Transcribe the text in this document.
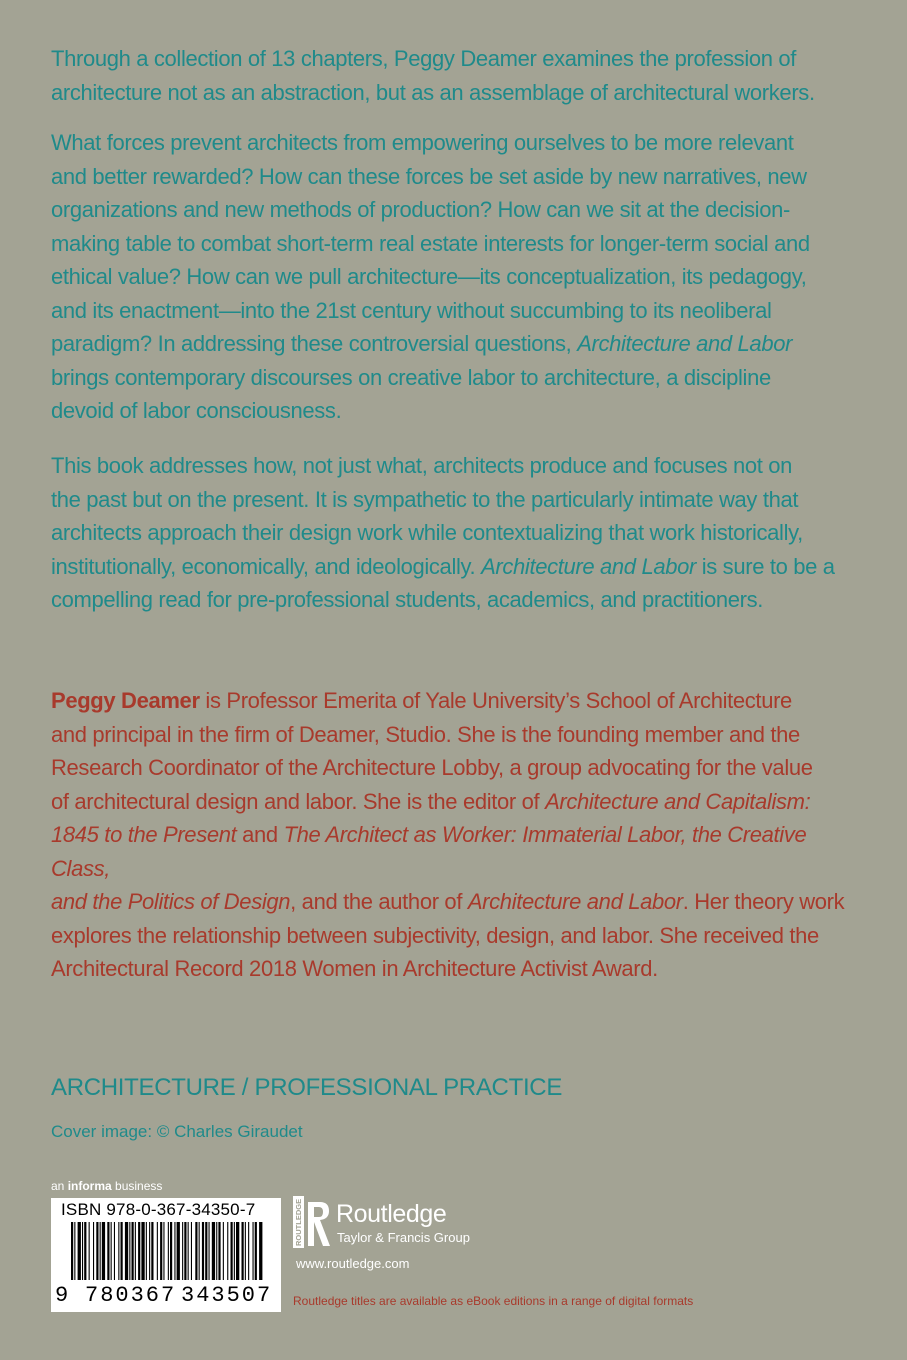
Through a collection of 13 chapters, Peggy Deamer examines the profession of
architecture not as an abstraction, but as an assemblage of architectural workers.

What forces prevent architects from empowering ourselves to be more relevant
and better rewarded? How can these forces be set aside by new narratives, new
organizations and new methods of production? How can we sit at the decision-
making table to combat short-term real estate interests for longer-term social and
ethical value? How can we pull architecture—its conceptualization, its pedagogy,
and its enactment—into the 21st century without succumbing to its neoliberal
paradigm? In addressing these controversial questions, Architecture and Labor
brings contemporary discourses on creative labor to architecture, a discipline
devoid of labor consciousness.

This book addresses how, not just what, architects produce and focuses not on
the past but on the present. It is sympathetic to the particularly intimate way that
architects approach their design work while contextualizing that work historically,
institutionally, economically, and ideologically. Architecture and Labor is sure to be a
compelling read for pre-professional students, academics, and practitioners.

Peggy Deamer is Professor Emerita of Yale University’s School of Architecture
and principal in the firm of Deamer, Studio. She is the founding member and the
Research Coordinator of the Architecture Lobby, a group advocating for the value
of architectural design and labor. She is the editor of Architecture and Capitalism:
1845 to the Present and The Architect as Worker: Immaterial Labor, the Creative Class,
and the Politics of Design, and the author of Architecture and Labor. Her theory work
explores the relationship between subjectivity, design, and labor. She received the
Architectural Record 2018 Women in Architecture Activist Award.

ARCHITECTURE / PROFESSIONAL PRACTICE
Cover image: © Charles Giraudet
an informa business
ISBN 978-0-367-34350-7
9 780367 343507
ROUTLEDGE Routledge
Taylor & Francis Group
www.routledge.com
Routledge titles are available as eBook editions in a range of digital formats
